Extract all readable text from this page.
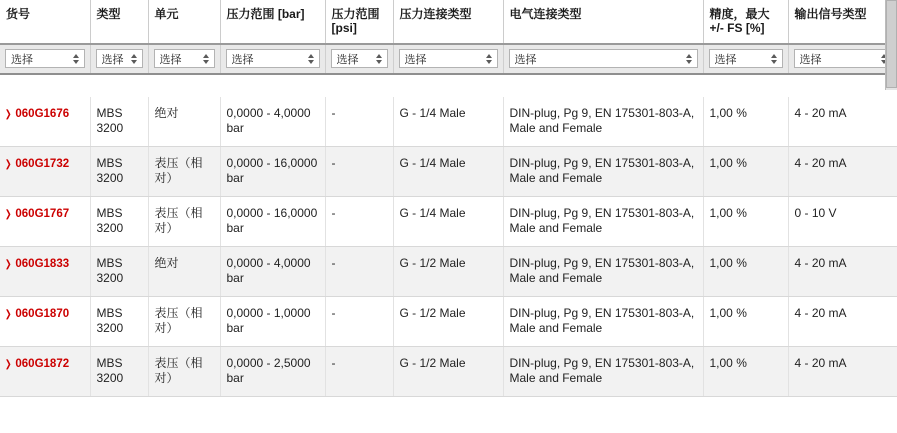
货号	类型	单元	压力范围 [bar]	压力范围 [psi]	压力连接类型	电气连接类型	精度，最大 +/- FS [%]	输出信号类型

选择	选择	选择	选择	选择	选择	选择	选择	选择

❯ 060G1676	MBS 3200	绝对	0,0000 - 4,0000 bar	-	G - 1/4 Male	DIN-plug, Pg 9, EN 175301-803-A, Male and Female	1,00 %	4 - 20 mA
❯ 060G1732	MBS 3200	表压（相对）	0,0000 - 16,0000 bar	-	G - 1/4 Male	DIN-plug, Pg 9, EN 175301-803-A, Male and Female	1,00 %	4 - 20 mA
❯ 060G1767	MBS 3200	表压（相对）	0,0000 - 16,0000 bar	-	G - 1/4 Male	DIN-plug, Pg 9, EN 175301-803-A, Male and Female	1,00 %	0 - 10 V
❯ 060G1833	MBS 3200	绝对	0,0000 - 4,0000 bar	-	G - 1/2 Male	DIN-plug, Pg 9, EN 175301-803-A, Male and Female	1,00 %	4 - 20 mA
❯ 060G1870	MBS 3200	表压（相对）	0,0000 - 1,0000 bar	-	G - 1/2 Male	DIN-plug, Pg 9, EN 175301-803-A, Male and Female	1,00 %	4 - 20 mA
❯ 060G1872	MBS 3200	表压（相对）	0,0000 - 2,5000 bar	-	G - 1/2 Male	DIN-plug, Pg 9, EN 175301-803-A, Male and Female	1,00 %	4 - 20 mA
